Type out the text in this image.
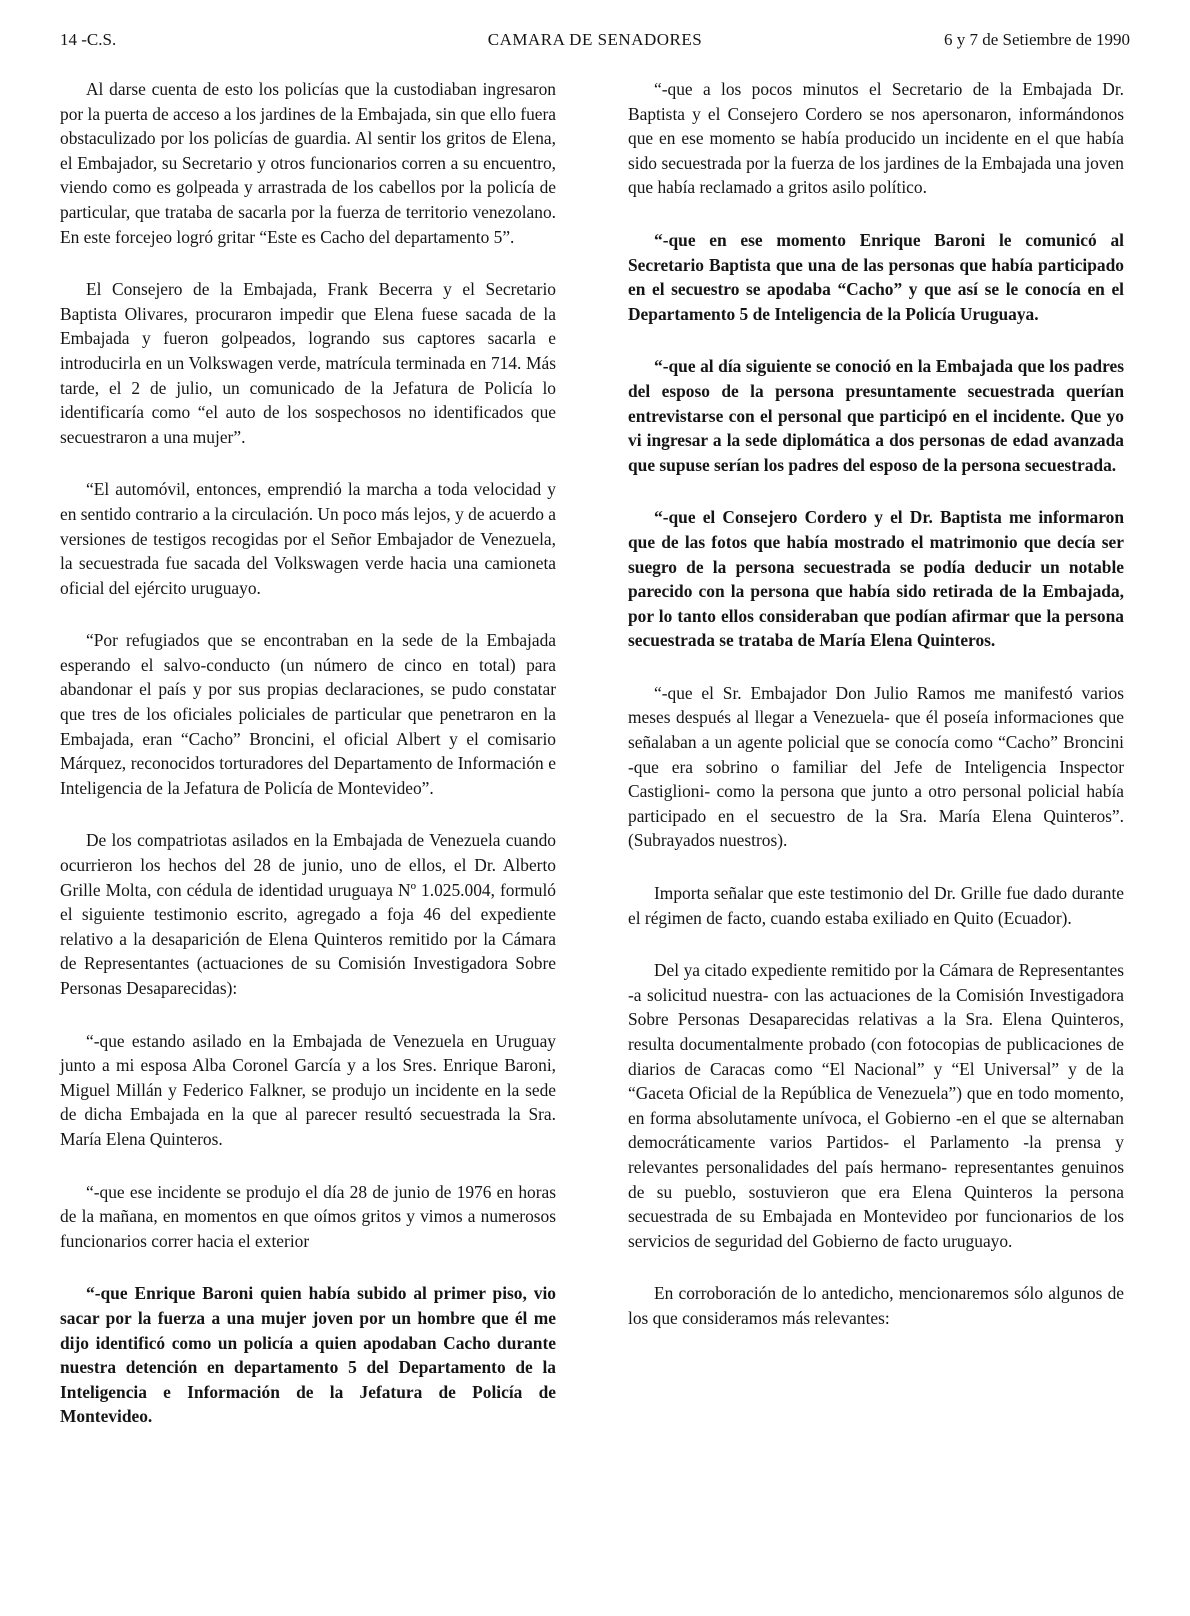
14 -C.S.	CAMARA DE SENADORES	6 y 7 de Setiembre de 1990

Al darse cuenta de esto los policías que la custodiaban ingresaron por la puerta de acceso a los jardines de la Embajada, sin que ello fuera obstaculizado por los policías de guardia. Al sentir los gritos de Elena, el Embajador, su Secretario y otros funcionarios corren a su encuentro, viendo como es golpeada y arrastrada de los cabellos por la policía de particular, que trataba de sacarla por la fuerza de territorio venezolano. En este forcejeo logró gritar “Este es Cacho del departamento 5”.

El Consejero de la Embajada, Frank Becerra y el Secretario Baptista Olivares, procuraron impedir que Elena fuese sacada de la Embajada y fueron golpeados, logrando sus captores sacarla e introducirla en un Volkswagen verde, matrícula terminada en 714. Más tarde, el 2 de julio, un comunicado de la Jefatura de Policía lo identificaría como “el auto de los sospechosos no identificados que secuestraron a una mujer”.

“El automóvil, entonces, emprendió la marcha a toda velocidad y en sentido contrario a la circulación. Un poco más lejos, y de acuerdo a versiones de testigos recogidas por el Señor Embajador de Venezuela, la secuestrada fue sacada del Volkswagen verde hacia una camioneta oficial del ejército uruguayo.

“Por refugiados que se encontraban en la sede de la Embajada esperando el salvo-conducto (un número de cinco en total) para abandonar el país y por sus propias declaraciones, se pudo constatar que tres de los oficiales policiales de particular que penetraron en la Embajada, eran “Cacho” Broncini, el oficial Albert y el comisario Márquez, reconocidos torturadores del Departamento de Información e Inteligencia de la Jefatura de Policía de Montevideo”.

De los compatriotas asilados en la Embajada de Venezuela cuando ocurrieron los hechos del 28 de junio, uno de ellos, el Dr. Alberto Grille Molta, con cédula de identidad uruguaya Nº 1.025.004, formuló el siguiente testimonio escrito, agregado a foja 46 del expediente relativo a la desaparición de Elena Quinteros remitido por la Cámara de Representantes (actuaciones de su Comisión Investigadora Sobre Personas Desaparecidas):

“-que estando asilado en la Embajada de Venezuela en Uruguay junto a mi esposa Alba Coronel García y a los Sres. Enrique Baroni, Miguel Millán y Federico Falkner, se produjo un incidente en la sede de dicha Embajada en la que al parecer resultó secuestrada la Sra. María Elena Quinteros.

“-que ese incidente se produjo el día 28 de junio de 1976 en horas de la mañana, en momentos en que oímos gritos y vimos a numerosos funcionarios correr hacia el exterior

“-que Enrique Baroni quien había subido al primer piso, vio sacar por la fuerza a una mujer joven por un hombre que él me dijo identificó como un policía a quien apodaban Cacho durante nuestra detención en departamento 5 del Departamento de la Inteligencia e Información de la Jefatura de Policía de Montevideo.

“-que a los pocos minutos el Secretario de la Embajada Dr. Baptista y el Consejero Cordero se nos apersonaron, informándonos que en ese momento se había producido un incidente en el que había sido secuestrada por la fuerza de los jardines de la Embajada una joven que había reclamado a gritos asilo político.

“-que en ese momento Enrique Baroni le comunicó al Secretario Baptista que una de las personas que había participado en el secuestro se apodaba “Cacho” y que así se le conocía en el Departamento 5 de Inteligencia de la Policía Uruguaya.

“-que al día siguiente se conoció en la Embajada que los padres del esposo de la persona presuntamente secuestrada querían entrevistarse con el personal que participó en el incidente. Que yo vi ingresar a la sede diplomática a dos personas de edad avanzada que supuse serían los padres del esposo de la persona secuestrada.

“-que el Consejero Cordero y el Dr. Baptista me informaron que de las fotos que había mostrado el matrimonio que decía ser suegro de la persona secuestrada se podía deducir un notable parecido con la persona que había sido retirada de la Embajada, por lo tanto ellos consideraban que podían afirmar que la persona secuestrada se trataba de María Elena Quinteros.

“-que el Sr. Embajador Don Julio Ramos me manifestó varios meses después al llegar a Venezuela- que él poseía informaciones que señalaban a un agente policial que se conocía como “Cacho” Broncini -que era sobrino o familiar del Jefe de Inteligencia Inspector Castiglioni- como la persona que junto a otro personal policial había participado en el secuestro de la Sra. María Elena Quinteros”. (Subrayados nuestros).

Importa señalar que este testimonio del Dr. Grille fue dado durante el régimen de facto, cuando estaba exiliado en Quito (Ecuador).

Del ya citado expediente remitido por la Cámara de Representantes -a solicitud nuestra- con las actuaciones de la Comisión Investigadora Sobre Personas Desaparecidas relativas a la Sra. Elena Quinteros, resulta documentalmente probado (con fotocopias de publicaciones de diarios de Caracas como “El Nacional” y “El Universal” y de la “Gaceta Oficial de la República de Venezuela”) que en todo momento, en forma absolutamente unívoca, el Gobierno -en el que se alternaban democráticamente varios Partidos- el Parlamento -la prensa y relevantes personalidades del país hermano- representantes genuinos de su pueblo, sostuvieron que era Elena Quinteros la persona secuestrada de su Embajada en Montevideo por funcionarios de los servicios de seguridad del Gobierno de facto uruguayo.

En corroboración de lo antedicho, mencionaremos sólo algunos de los que consideramos más relevantes:
